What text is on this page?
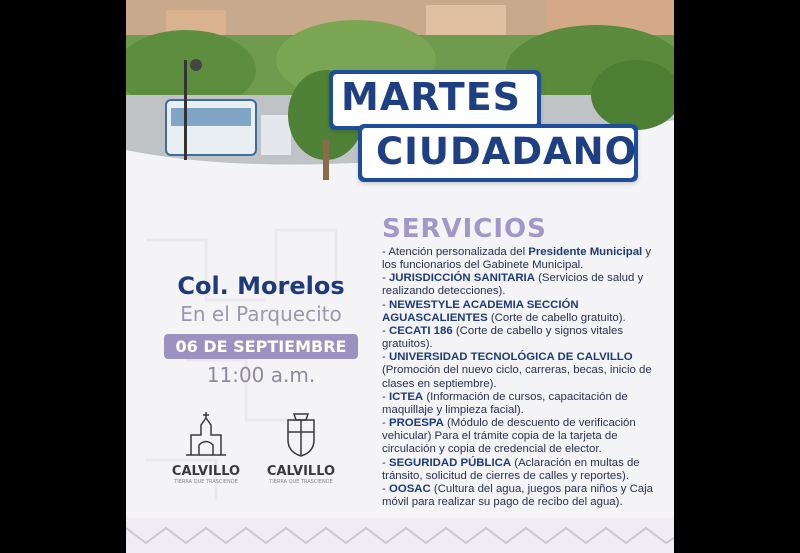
MARTES
CIUDADANO
Col. Morelos
En el Parquecito
06 DE SEPTIEMBRE
11:00 a.m.
SERVICIOS
- Atención personalizada del Presidente Municipal y los funcionarios del Gabinete Municipal.
- JURISDICCIÓN SANITARIA (Servicios de salud y realizando detecciones).
- NEWESTYLE ACADEMIA SECCIÓN AGUASCALIENTES (Corte de cabello gratuito).
- CECATI 186 (Corte de cabello y signos vitales gratuitos).
- UNIVERSIDAD TECNOLÓGICA DE CALVILLO (Promoción del nuevo ciclo, carreras, becas, inicio de clases en septiembre).
- ICTEA (Información de cursos, capacitación de maquillaje y limpieza facial).
- PROESPA (Módulo de descuento de verificación vehicular) Para el trámite copia de la tarjeta de circulación y copia de credencial de elector.
- SEGURIDAD PÚBLICA (Aclaración en multas de tránsito, solicitud de cierres de calles y reportes).
- OOSAC (Cultura del agua, juegos para niños y Caja móvil para realizar su pago de recibo del agua).
CALVILLO
TIERRA QUE TRASCIENDE
CALVILLO
TIERRA QUE TRASCIENDE
